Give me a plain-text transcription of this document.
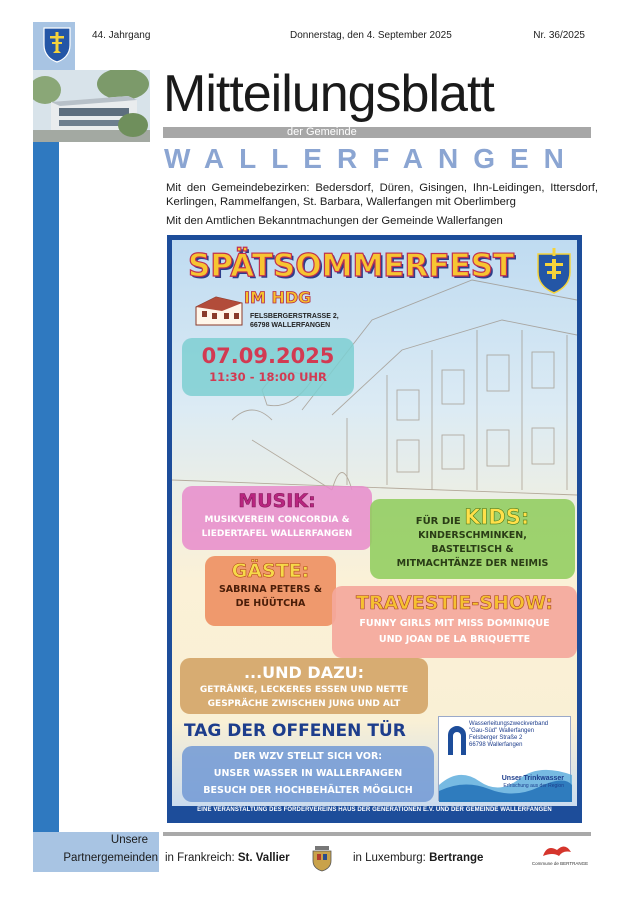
44. Jahrgang	Donnerstag, den 4. September 2025	Nr. 36/2025
Mitteilungsblatt
der Gemeinde
WALLERFANGEN
Mit den Gemeindebezirken: Bedersdorf, Düren, Gisingen, Ihn-Leidingen, Ittersdorf, Kerlingen, Rammelfangen, St. Barbara, Wallerfangen mit Oberlimberg
Mit den Amtlichen Bekanntmachungen der Gemeinde Wallerfangen
SPÄTSOMMERFEST
IM HDG
FELSBERGERSTRASSE 2,
66798 WALLERFANGEN
07.09.2025
11:30 - 18:00 UHR
MUSIK:
MUSIKVEREIN CONCORDIA &
LIEDERTAFEL WALLERFANGEN
FÜR DIE KIDS:
KINDERSCHMINKEN,
BASTELTISCH &
MITMACHTÄNZE DER NEIMIS
GÄSTE:
SABRINA PETERS &
DE HÜÜTCHA	TRAVESTIE-SHOW:
FUNNY GIRLS MIT MISS DOMINIQUE
UND JOAN DE LA BRIQUETTE
...UND DAZU:
GETRÄNKE, LECKERES ESSEN UND NETTE
GESPRÄCHE ZWISCHEN JUNG UND ALT
TAG DER OFFENEN TÜR
DER WZV STELLT SICH VOR:
UNSER WASSER IN WALLERFANGEN
BESUCH DER HOCHBEHÄLTER MÖGLICH
Wasserleitungszweckverband
"Gau-Süd" Wallerfangen
Felsberger Straße 2
66798 Wallerfangen
Unser Trinkwasser
Erfrischung aus der Region
EINE VERANSTALTUNG DES FÖRDERVEREINS HAUS DER GENERATIONEN E.V. UND DER GEMEINDE WALLERFANGEN
Unsere
Partnergemeinden in Frankreich: St. Vallier	in Luxemburg: Bertrange	Commune de BERTRANGE
